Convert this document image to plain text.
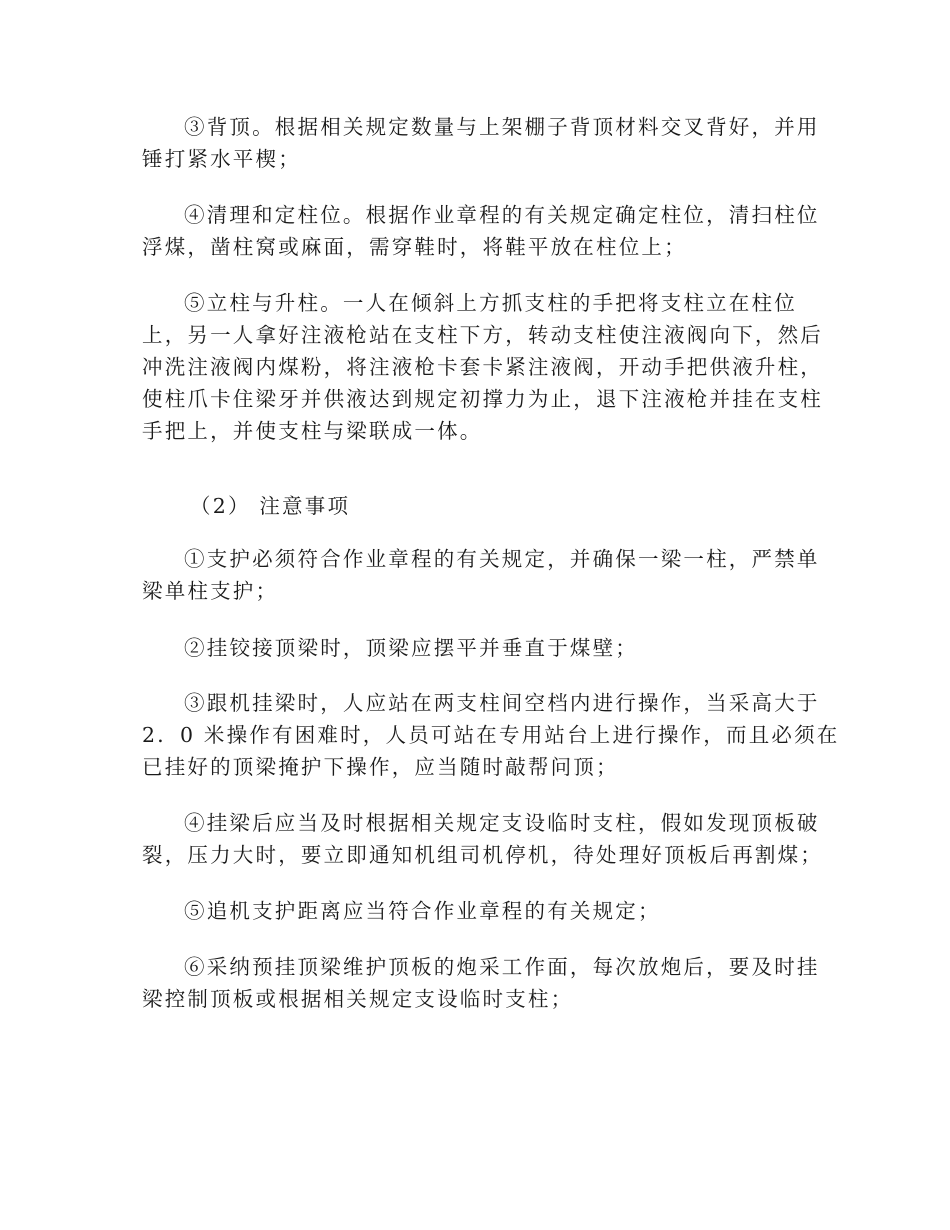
③背顶。根据相关规定数量与上架棚子背顶材料交叉背好，并用
锤打紧水平楔；
④清理和定柱位。根据作业章程的有关规定确定柱位，清扫柱位
浮煤，凿柱窝或麻面，需穿鞋时，将鞋平放在柱位上；
⑤立柱与升柱。一人在倾斜上方抓支柱的手把将支柱立在柱位
上，另一人拿好注液枪站在支柱下方，转动支柱使注液阀向下，然后
冲洗注液阀内煤粉，将注液枪卡套卡紧注液阀，开动手把供液升柱，
使柱爪卡住梁牙并供液达到规定初撑力为止，退下注液枪并挂在支柱
手把上，并使支柱与梁联成一体。
（2） 注意事项
①支护必须符合作业章程的有关规定，并确保一梁一柱，严禁单
梁单柱支护；
②挂铰接顶梁时，顶梁应摆平并垂直于煤壁；
③跟机挂梁时，人应站在两支柱间空档内进行操作，当采高大于
2．0 米操作有困难时，人员可站在专用站台上进行操作，而且必须在
已挂好的顶梁掩护下操作，应当随时敲帮问顶；
④挂梁后应当及时根据相关规定支设临时支柱，假如发现顶板破
裂，压力大时，要立即通知机组司机停机，待处理好顶板后再割煤；
⑤追机支护距离应当符合作业章程的有关规定；
⑥采纳预挂顶梁维护顶板的炮采工作面，每次放炮后，要及时挂
梁控制顶板或根据相关规定支设临时支柱；
